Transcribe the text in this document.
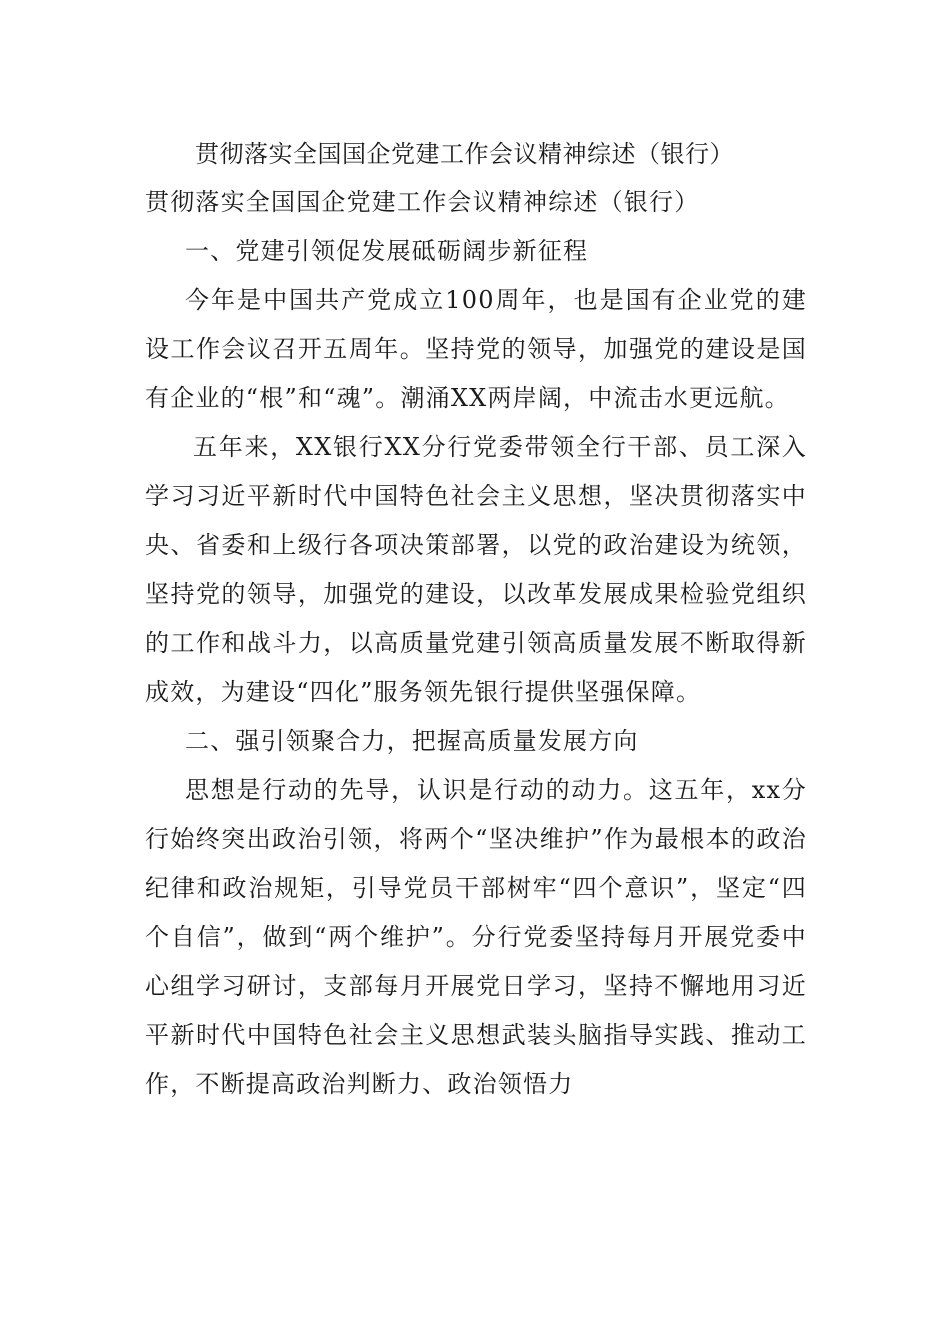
贯彻落实全国国企党建工作会议精神综述（银行）

贯彻落实全国国企党建工作会议精神综述（银行）

一、党建引领促发展砥砺阔步新征程

今年是中国共产党成立100周年，也是国有企业党的建设工作会议召开五周年。坚持党的领导，加强党的建设是国有企业的“根”和“魂”。潮涌XX两岸阔，中流击水更远航。

五年来，XX银行XX分行党委带领全行干部、员工深入学习习近平新时代中国特色社会主义思想，坚决贯彻落实中央、省委和上级行各项决策部署，以党的政治建设为统领，坚持党的领导，加强党的建设，以改革发展成果检验党组织的工作和战斗力，以高质量党建引领高质量发展不断取得新成效，为建设“四化”服务领先银行提供坚强保障。

二、强引领聚合力，把握高质量发展方向

思想是行动的先导，认识是行动的动力。这五年，xx分行始终突出政治引领，将两个“坚决维护”作为最根本的政治纪律和政治规矩，引导党员干部树牢“四个意识”，坚定“四个自信”，做到“两个维护”。分行党委坚持每月开展党委中心组学习研讨，支部每月开展党日学习，坚持不懈地用习近平新时代中国特色社会主义思想武装头脑指导实践、推动工作，不断提高政治判断力、政治领悟力
